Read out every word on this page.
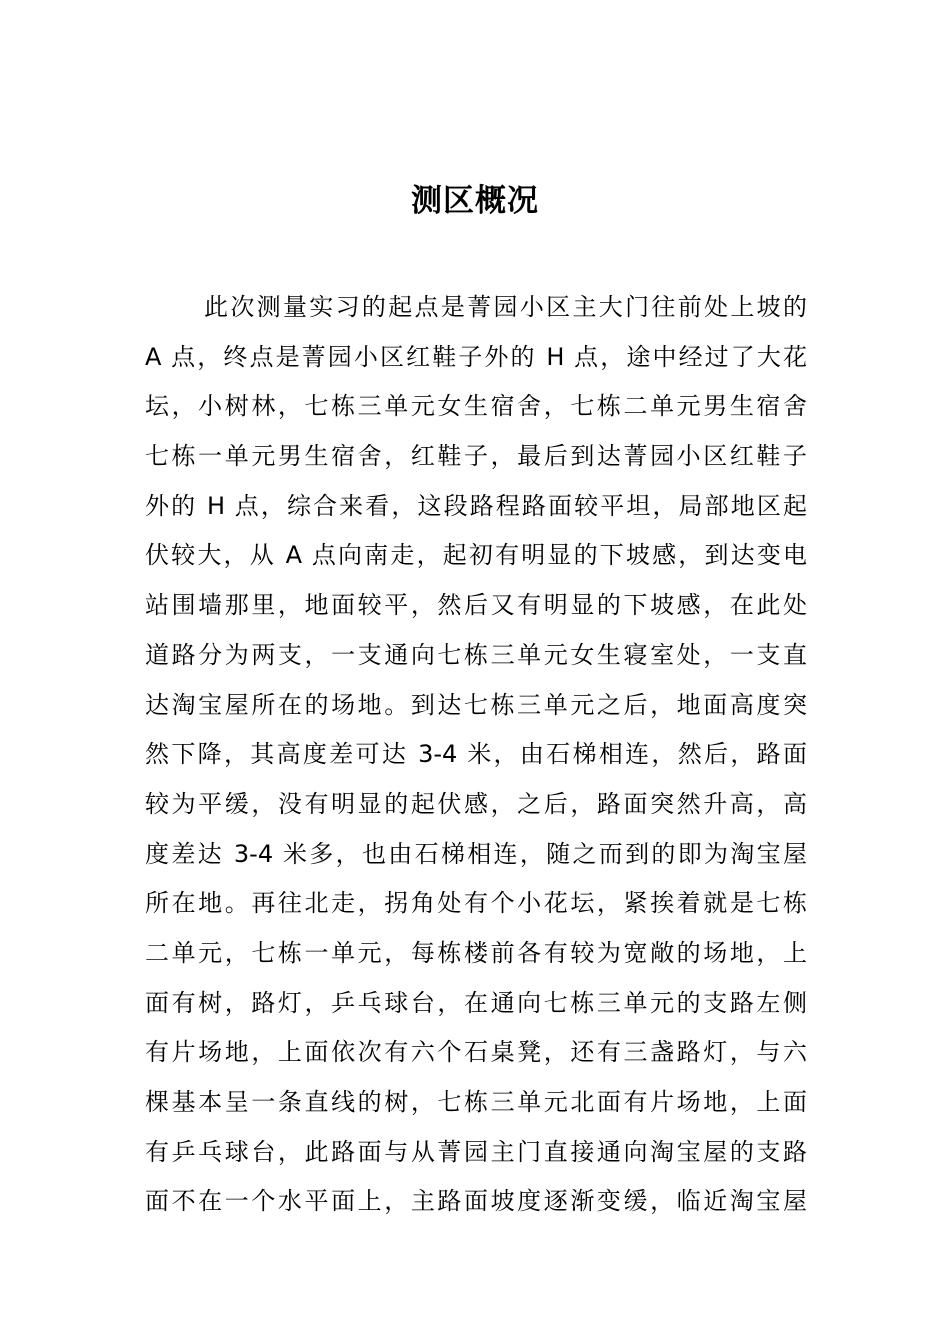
测区概况
此次测量实习的起点是菁园小区主大门往前处上坡的
A 点，终点是菁园小区红鞋子外的 H 点，途中经过了大花
坛，小树林，七栋三单元女生宿舍，七栋二单元男生宿舍
七栋一单元男生宿舍，红鞋子，最后到达菁园小区红鞋子
外的 H 点，综合来看，这段路程路面较平坦，局部地区起
伏较大，从 A 点向南走，起初有明显的下坡感，到达变电
站围墙那里，地面较平，然后又有明显的下坡感，在此处
道路分为两支，一支通向七栋三单元女生寝室处，一支直
达淘宝屋所在的场地。到达七栋三单元之后，地面高度突
然下降，其高度差可达 3-4 米，由石梯相连，然后，路面
较为平缓，没有明显的起伏感，之后，路面突然升高，高
度差达 3-4 米多，也由石梯相连，随之而到的即为淘宝屋
所在地。再往北走，拐角处有个小花坛，紧挨着就是七栋
二单元，七栋一单元，每栋楼前各有较为宽敞的场地，上
面有树，路灯，乒乓球台，在通向七栋三单元的支路左侧
有片场地，上面依次有六个石桌凳，还有三盏路灯，与六
棵基本呈一条直线的树，七栋三单元北面有片场地，上面
有乒乓球台，此路面与从菁园主门直接通向淘宝屋的支路
面不在一个水平面上，主路面坡度逐渐变缓，临近淘宝屋
